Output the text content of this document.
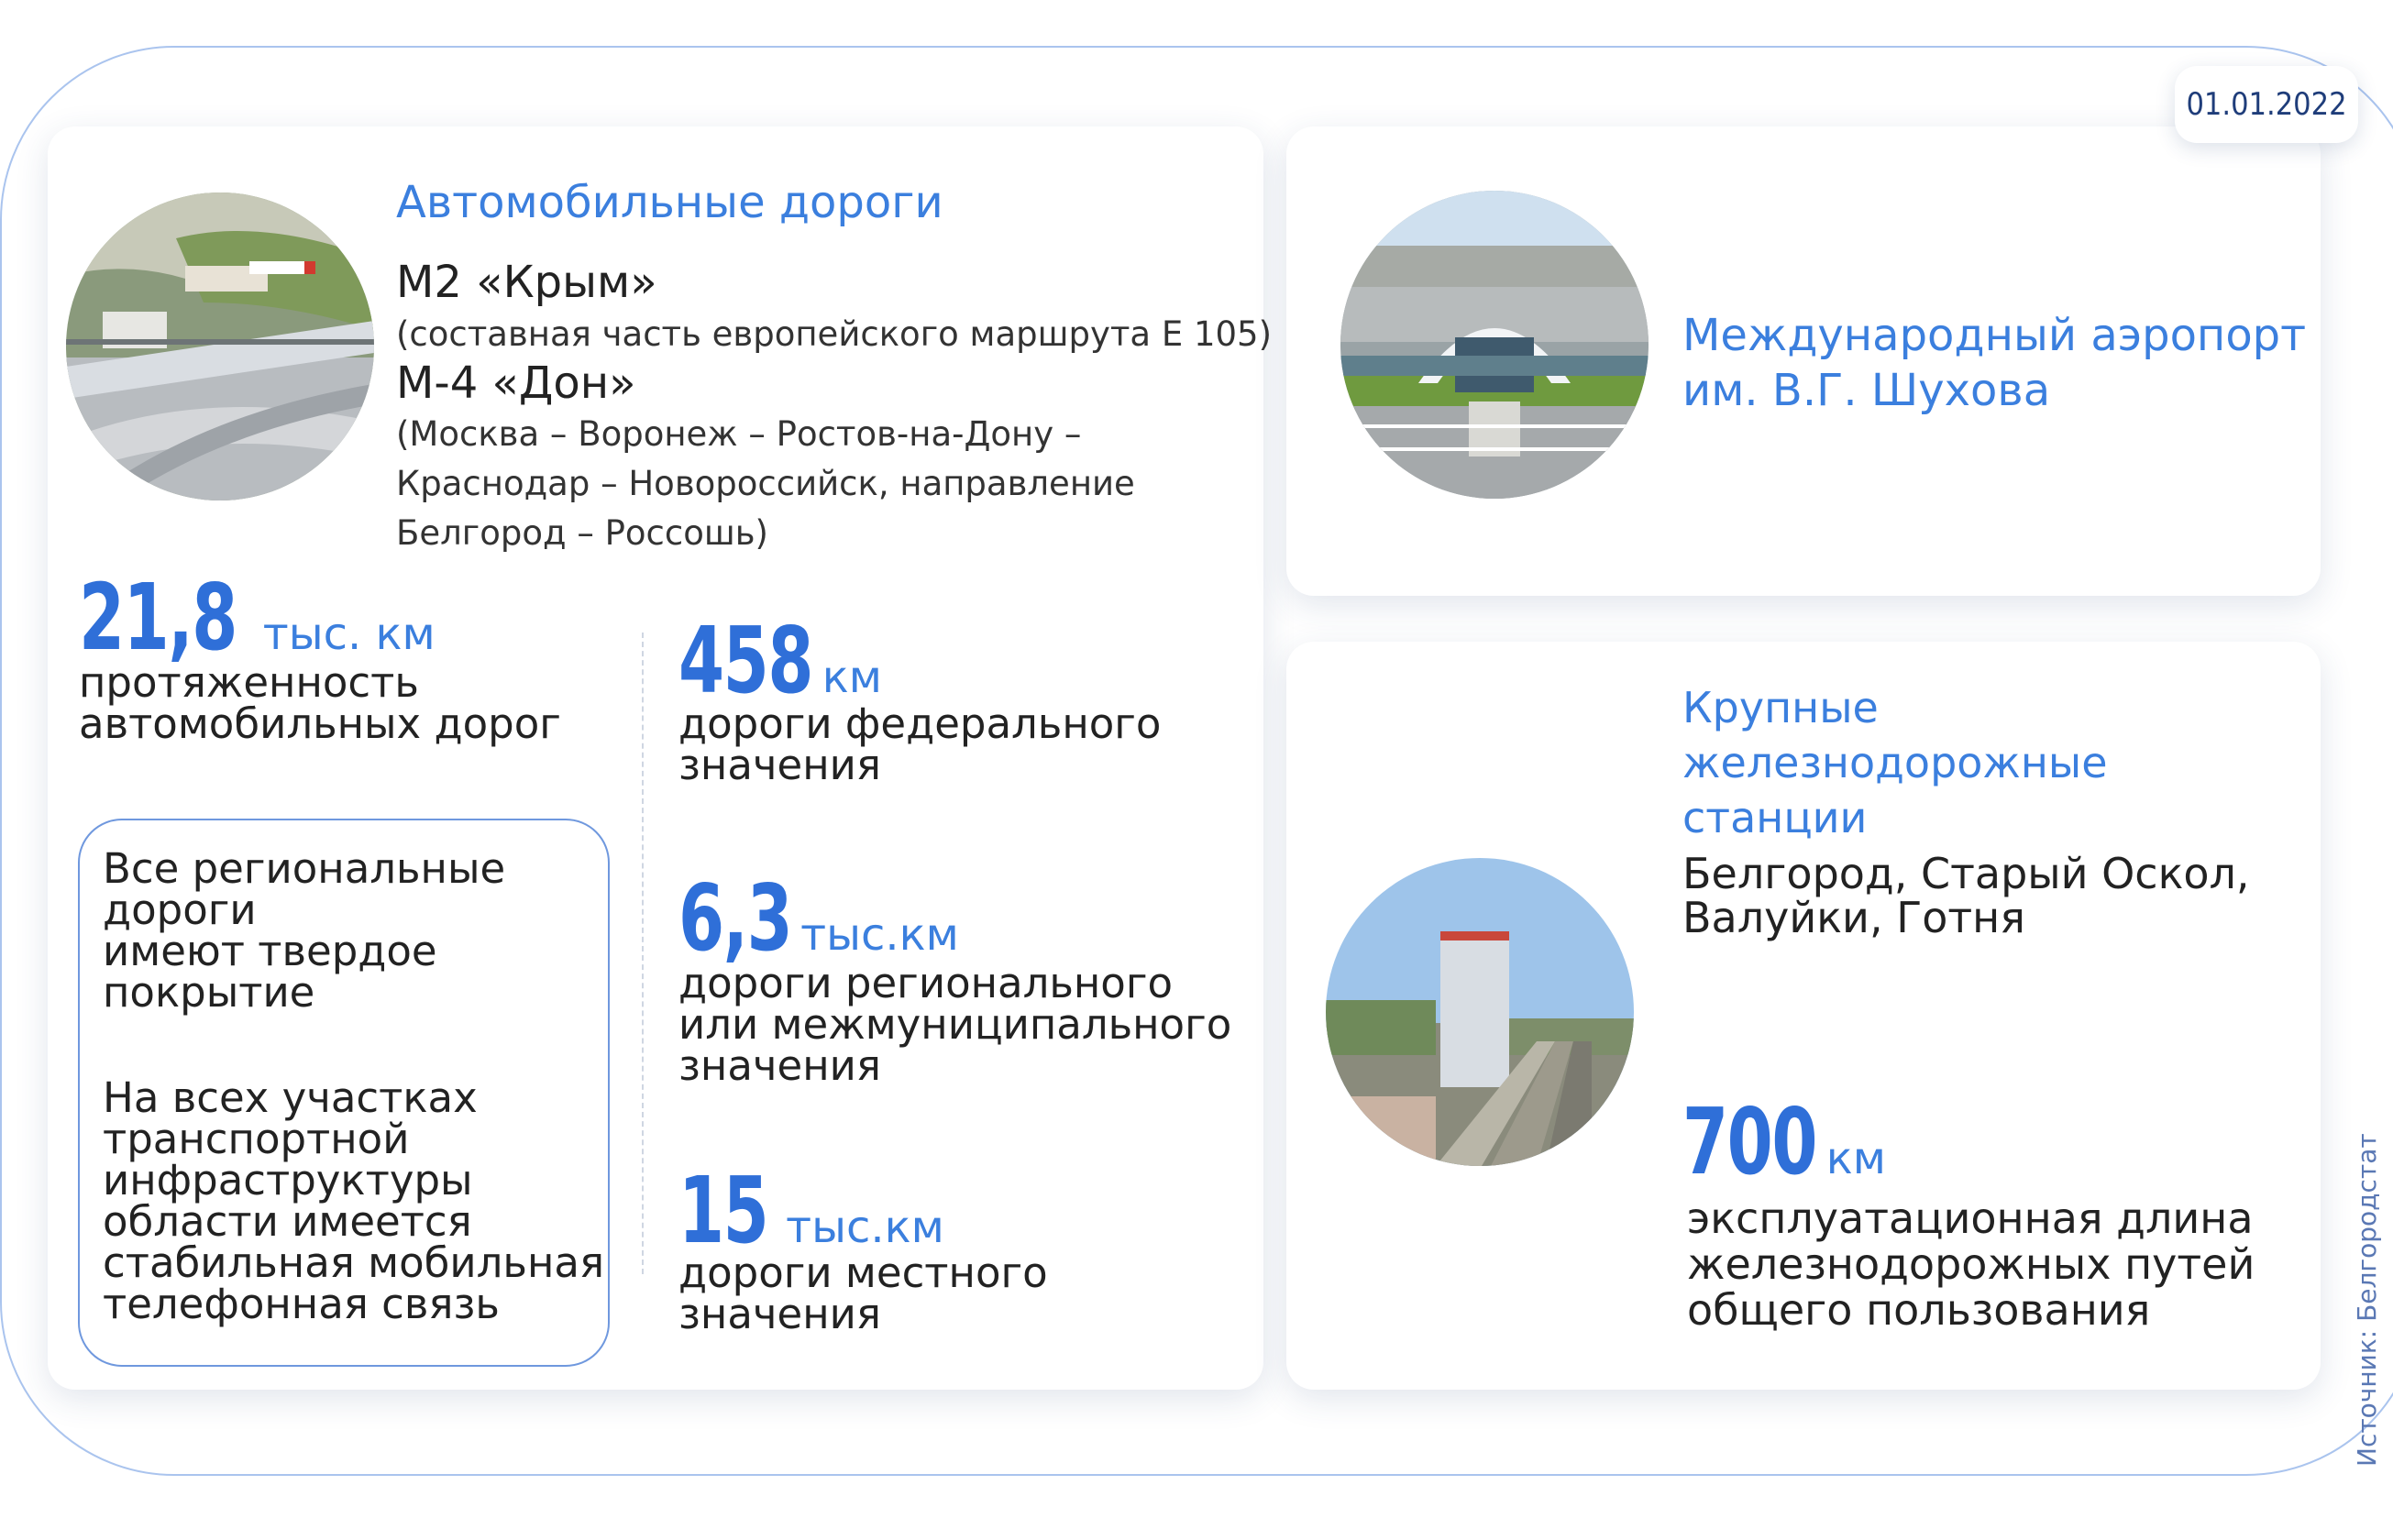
01.01.2022
Автомобильные дороги
М2 «Крым»
(составная часть европейского маршрута Е 105)
М-4 «Дон»
(Москва – Воронеж – Ростов-на-Дону –
Краснодар – Новороссийск, направление
Белгород – Россошь)
21,8 тыс. км
протяженность
автомобильных дорог
458 км
дороги федерального
значения
6,3 тыс.км
дороги регионального
или межмуниципального
значения
15 тыс.км
дороги местного
значения
Все региональные
дороги
имеют твердое
покрытие
На всех участках
транспортной
инфраструктуры
области имеется
стабильная мобильная
телефонная связь
Международный аэропорт
им. В.Г. Шухова
Крупные
железнодорожные
станции
Белгород, Старый Оскол,
Валуйки, Готня
700 км
эксплуатационная длина
железнодорожных путей
общего пользования	Источник: Белгородстат
